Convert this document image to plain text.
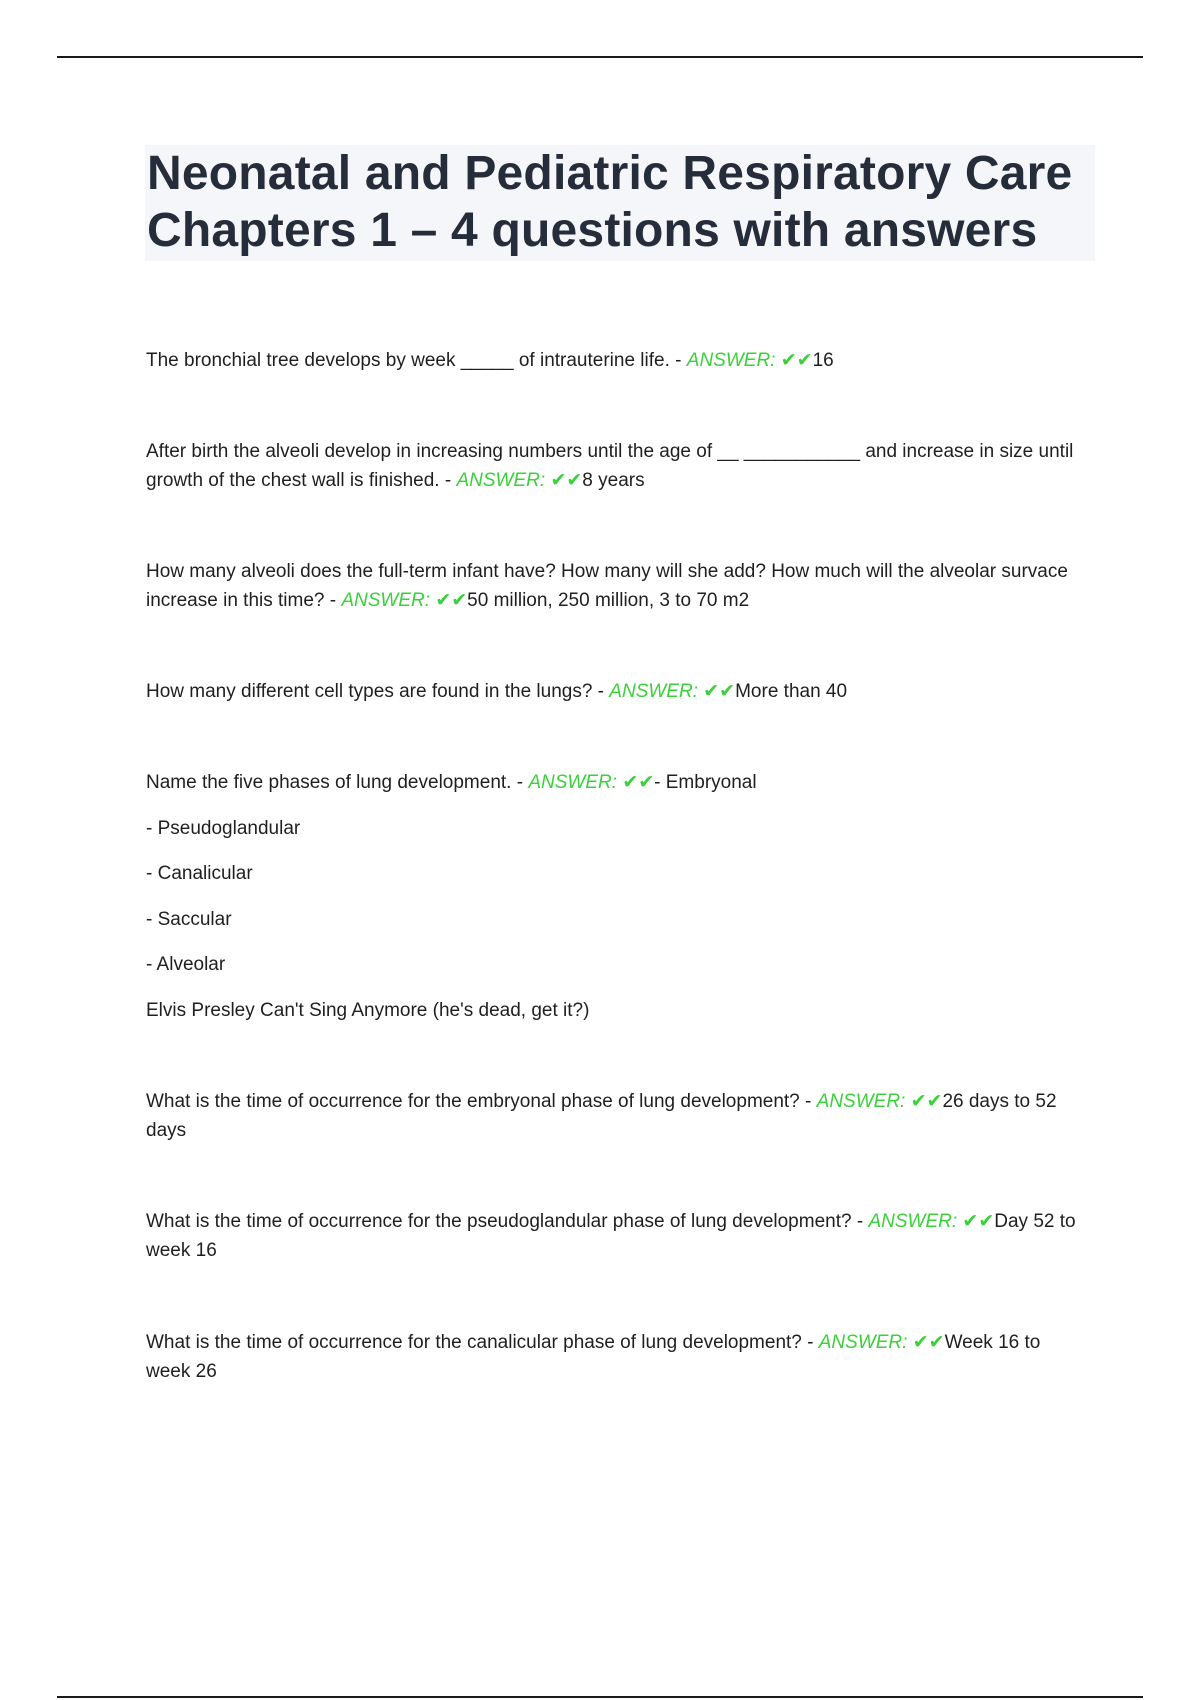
Neonatal and Pediatric Respiratory Care
Chapters 1 – 4 questions with answers

The bronchial tree develops by week _____ of intrauterine life. - ANSWER: ✔✔16

After birth the alveoli develop in increasing numbers until the age of __ ___________ and increase in size until growth of the chest wall is finished. - ANSWER: ✔✔8 years

How many alveoli does the full-term infant have? How many will she add? How much will the alveolar survace increase in this time? - ANSWER: ✔✔50 million, 250 million, 3 to 70 m2

How many different cell types are found in the lungs? - ANSWER: ✔✔More than 40

Name the five phases of lung development. - ANSWER: ✔✔- Embryonal

- Pseudoglandular

- Canalicular

- Saccular

- Alveolar

Elvis Presley Can't Sing Anymore (he's dead, get it?)

What is the time of occurrence for the embryonal phase of lung development? - ANSWER: ✔✔26 days to 52 days

What is the time of occurrence for the pseudoglandular phase of lung development? - ANSWER: ✔✔Day 52 to week 16

What is the time of occurrence for the canalicular phase of lung development? - ANSWER: ✔✔Week 16 to week 26
